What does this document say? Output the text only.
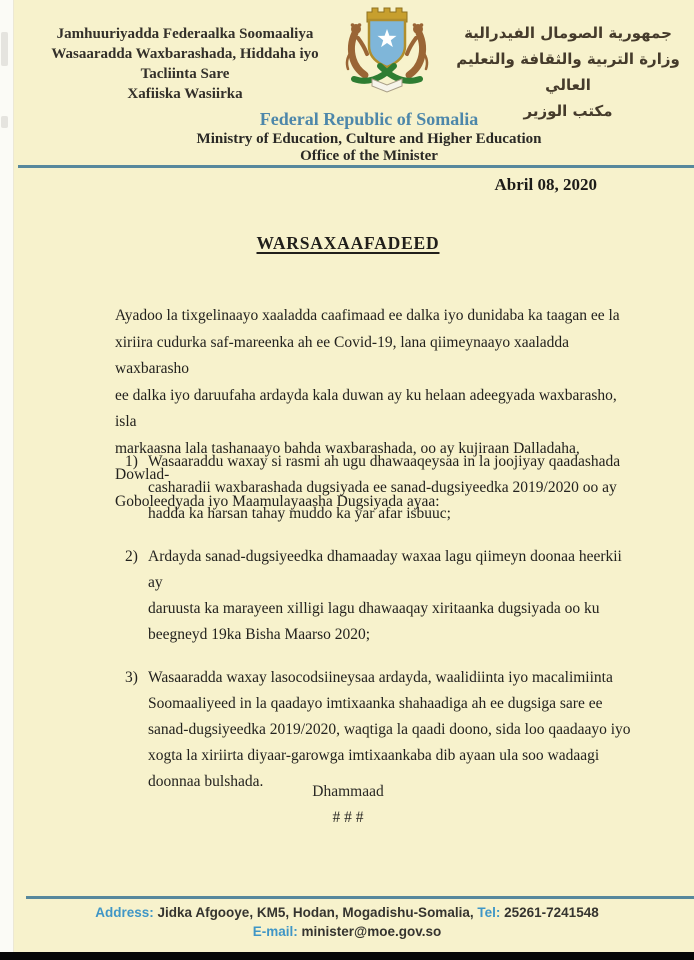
Jamhuuriyadda Federaalka Soomaaliya
Wasaaradda Waxbarashada, Hiddaha iyo
Tacliinta Sare
Xafiiska Wasiirka
جمهورية الصومال الفيدرالية
وزارة التربية والثقافة والتعليم العالي
مكتب الوزير
Federal Republic of Somalia
Ministry of Education, Culture and Higher Education
Office of the Minister
Abril 08, 2020
WARSAXAAFADEED
Ayadoo la tixgelinaayo xaaladda caafimaad ee dalka iyo dunidaba ka taagan ee la
xiriira cudurka saf-mareenka ah ee Covid-19, lana qiimeynaayo xaaladda waxbarasho
ee dalka iyo daruufaha ardayda kala duwan ay ku helaan adeegyada waxbarasho, isla
markaasna lala tashanaayo bahda waxbarashada, oo ay kujiraan Dalladaha, Dowlad-
Goboleedyada iyo Maamulayaasha Dugsiyada ayaa:
1) Wasaaraddu waxay si rasmi ah ugu dhawaaqeysaa in la joojiyay qaadashada
casharadii waxbarashada dugsiyada ee sanad-dugsiyeedka 2019/2020 oo ay
hadda ka harsan tahay muddo ka yar afar isbuuc;
2) Ardayda sanad-dugsiyeedka dhamaaday waxaa lagu qiimeyn doonaa heerkii ay
daruusta ka marayeen xilligi lagu dhawaaqay xiritaanka dugsiyada oo ku
beegneyd 19ka Bisha Maarso 2020;
3) Wasaaradda waxay lasocodsiineysaa ardayda, waalidiinta iyo macalimiinta
Soomaaliyeed in la qaadayo imtixaanka shahaadiga ah ee dugsiga sare ee
sanad-dugsiyeedka 2019/2020, waqtiga la qaadi doono, sida loo qaadaayo iyo
xogta la xiriirta diyaar-garowga imtixaankaba dib ayaan ula soo wadaagi
doonnaa bulshada.
Dhammaad
# # #
Address: Jidka Afgooye, KM5, Hodan, Mogadishu-Somalia, Tel: 25261-7241548
E-mail: minister@moe.gov.so
